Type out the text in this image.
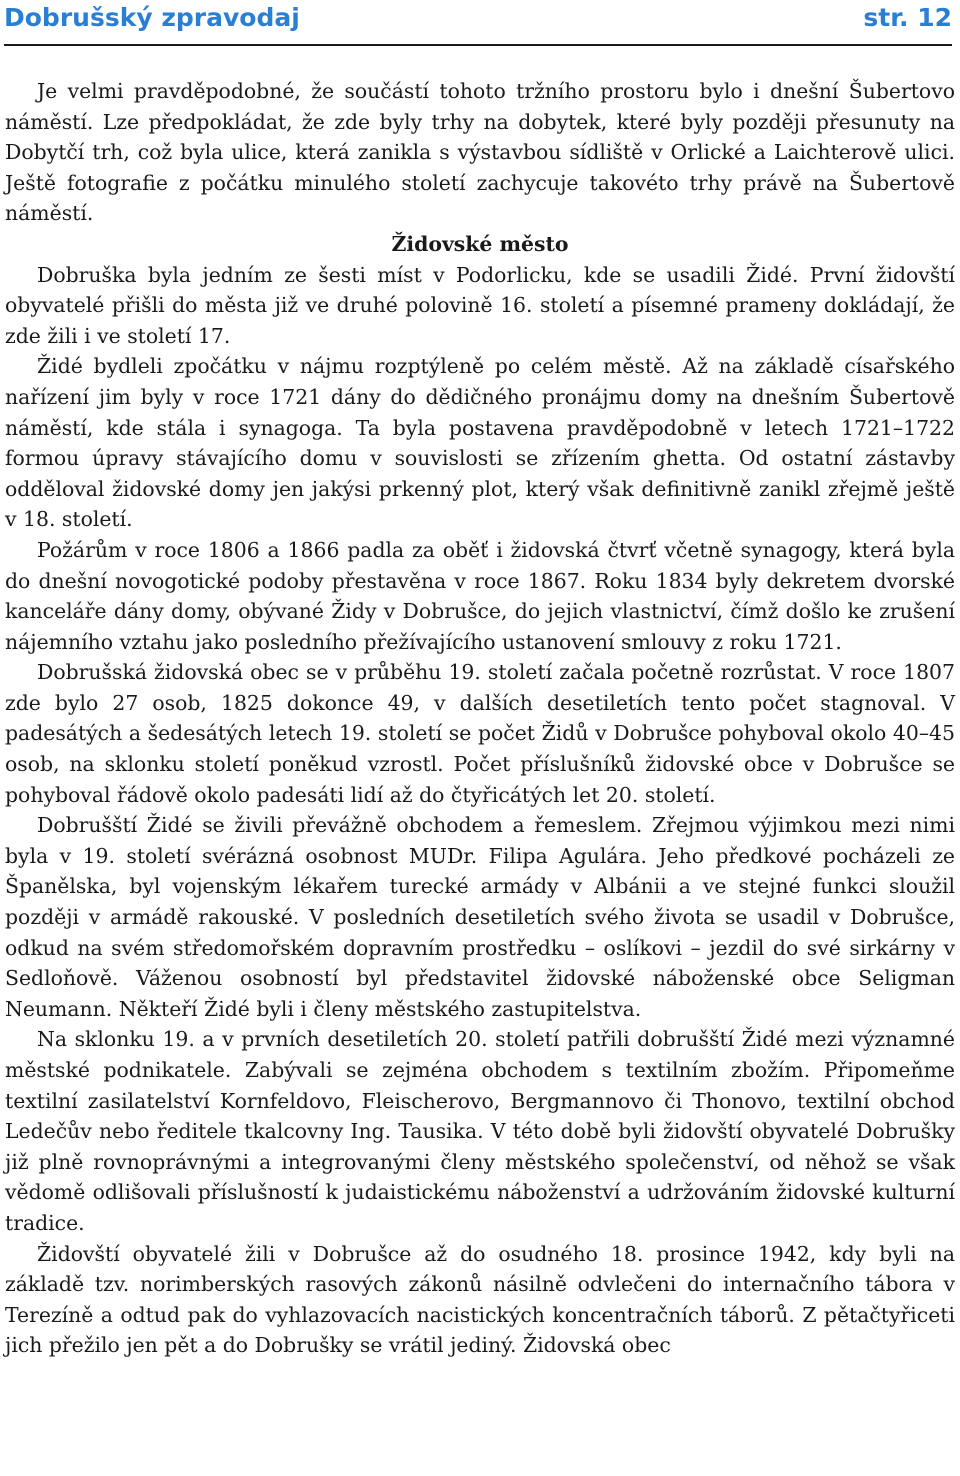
Dobrušský zpravodaj	str. 12

Je velmi pravděpodobné, že součástí tohoto tržního prostoru bylo i dnešní Šubertovo náměstí. Lze předpokládat, že zde byly trhy na dobytek, které byly později přesunuty na Dobytčí trh, což byla ulice, která zanikla s výstavbou sídliště v Orlické a Laichterově ulici. Ještě fotografie z počátku minulého století zachycuje takovéto trhy právě na Šubertově náměstí.

Židovské město

Dobruška byla jedním ze šesti míst v Podorlicku, kde se usadili Židé. První židovští obyvatelé přišli do města již ve druhé polovině 16. století a písemné prameny dokládají, že zde žili i ve století 17.

Židé bydleli zpočátku v nájmu rozptýleně po celém městě. Až na základě císařského nařízení jim byly v roce 1721 dány do dědičného pronájmu domy na dnešním Šubertově náměstí, kde stála i synagoga. Ta byla postavena pravděpodobně v letech 1721–1722 formou úpravy stávajícího domu v souvislosti se zřízením ghetta. Od ostatní zástavby odděloval židovské domy jen jakýsi prkenný plot, který však definitivně zanikl zřejmě ještě v 18. století.

Požárům v roce 1806 a 1866 padla za oběť i židovská čtvrť včetně synagogy, která byla do dnešní novogotické podoby přestavěna v roce 1867. Roku 1834 byly dekretem dvorské kanceláře dány domy, obývané Židy v Dobrušce, do jejich vlastnictví, čímž došlo ke zrušení nájemního vztahu jako posledního přežívajícího ustanovení smlouvy z roku 1721.

Dobrušská židovská obec se v průběhu 19. století začala početně rozrůstat. V roce 1807 zde bylo 27 osob, 1825 dokonce 49, v dalších desetiletích tento počet stagnoval. V padesátých a šedesátých letech 19. století se počet Židů v Dobrušce pohyboval okolo 40–45 osob, na sklonku století poněkud vzrostl. Počet příslušníků židovské obce v Dobrušce se pohyboval řádově okolo padesáti lidí až do čtyřicátých let 20. století.

Dobrušští Židé se živili převážně obchodem a řemeslem. Zřejmou výjimkou mezi nimi byla v 19. století svérázná osobnost MUDr. Filipa Agulára. Jeho předkové pocházeli ze Španělska, byl vojenským lékařem turecké armády v Albánii a ve stejné funkci sloužil později v armádě rakouské. V posledních desetiletích svého života se usadil v Dobrušce, odkud na svém středomořském dopravním prostředku – oslíkovi – jezdil do své sirkárny v Sedloňově. Váženou osobností byl představitel židovské náboženské obce Seligman Neumann. Někteří Židé byli i členy městského zastupitelstva.

Na sklonku 19. a v prvních desetiletích 20. století patřili dobrušští Židé mezi významné městské podnikatele. Zabývali se zejména obchodem s textilním zbožím. Připomeňme textilní zasilatelství Kornfeldovo, Fleischerovo, Bergmannovo či Thonovo, textilní obchod Ledečův nebo ředitele tkalcovny Ing. Tausika. V této době byli židovští obyvatelé Dobrušky již plně rovnoprávnými a integrovanými členy městského společenství, od něhož se však vědomě odlišovali příslušností k judaistickému náboženství a udržováním židovské kulturní tradice.

Židovští obyvatelé žili v Dobrušce až do osudného 18. prosince 1942, kdy byli na základě tzv. norimberských rasových zákonů násilně odvlečeni do internačního tábora v Terezíně a odtud pak do vyhlazovacích nacistických koncentračních táborů. Z pětačtyřiceti jich přežilo jen pět a do Dobrušky se vrátil jediný. Židovská obec
